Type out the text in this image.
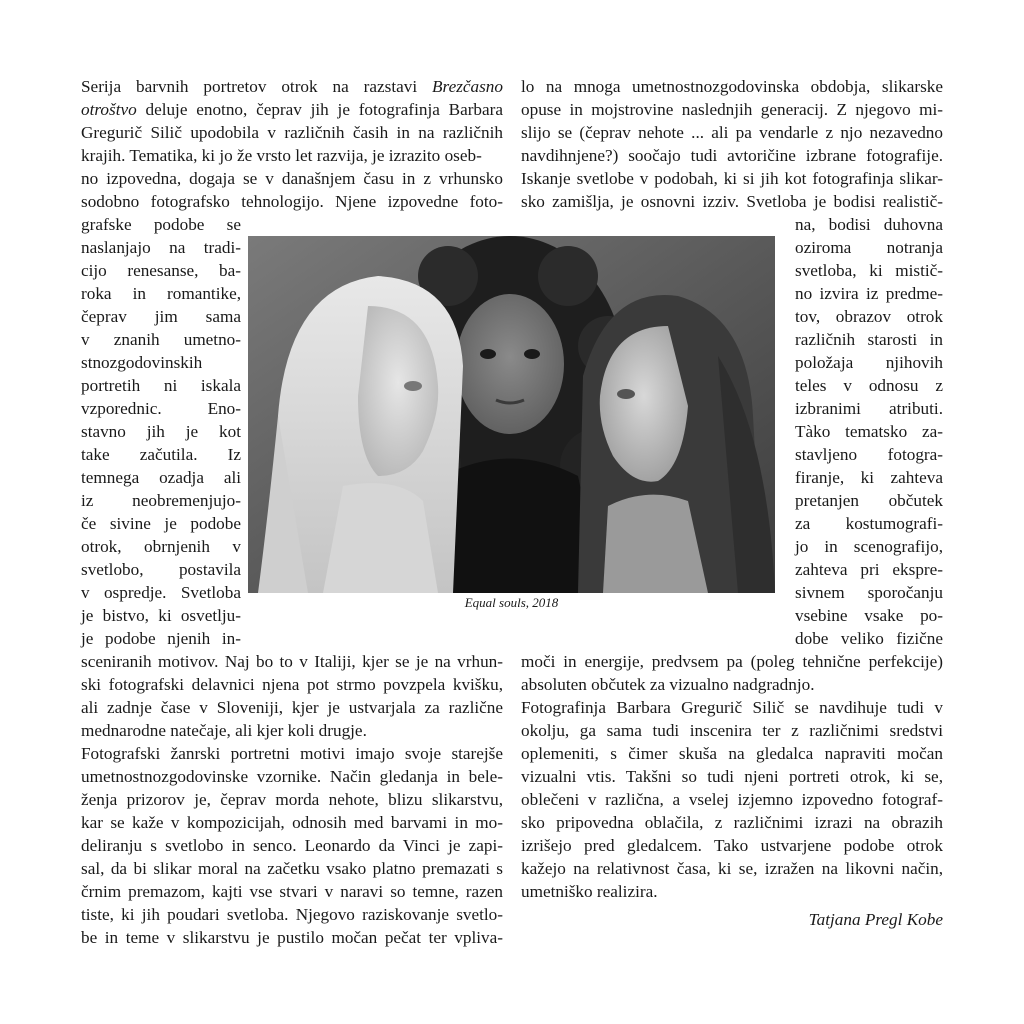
Serija barvnih portretov otrok na razstavi Brezčasno
otroštvo deluje enotno, čeprav jih je fotografinja Barbara
Gregurič Silič upodobila v različnih časih in na različnih
krajih. Tematika, ki jo že vrsto let razvija, je izrazito oseb-
no izpovedna, dogaja se v današnjem času in z vrhunsko
sodobno fotografsko tehnologijo. Njene izpovedne foto-
grafske podobe se
naslanjajo na tradi-
cijo renesanse, ba-
roka in romantike,
čeprav jim sama
v znanih umetno-
stnozgodovinskih
portretih ni iskala
vzporednic. Eno-
stavno jih je kot
take začutila. Iz
temnega ozadja ali
iz neobremenjujo-
če sivine je podobe
otrok, obrnjenih v
svetlobo, postavila
v ospredje. Svetloba
je bistvo, ki osvetlju-
je podobe njenih in-
sceniranih motivov. Naj bo to v Italiji, kjer se je na vrhun-
ski fotografski delavnici njena pot strmo povzpela kvišku,
ali zadnje čase v Sloveniji, kjer je ustvarjala za različne
mednarodne natečaje, ali kjer koli drugje.
Fotografski žanrski portretni motivi imajo svoje starejše
umetnostnozgodovinske vzornike. Način gledanja in bele-
ženja prizorov je, čeprav morda nehote, blizu slikarstvu,
kar se kaže v kompozicijah, odnosih med barvami in mo-
deliranju s svetlobo in senco. Leonardo da Vinci je zapi-
sal, da bi slikar moral na začetku vsako platno premazati s
črnim premazom, kajti vse stvari v naravi so temne, razen
tiste, ki jih poudari svetloba. Njegovo raziskovanje svetlo-
be in teme v slikarstvu je pustilo močan pečat ter vpliva-
lo na mnoga umetnostnozgodovinska obdobja, slikarske
opuse in mojstrovine naslednjih generacij. Z njegovo mi-
slijo se (čeprav nehote ... ali pa vendarle z njo nezavedno
navdihnjene?) soočajo tudi avtoričine izbrane fotografije.
Iskanje svetlobe v podobah, ki si jih kot fotografinja slikar-
sko zamišlja, je osnovni izziv. Svetloba je bodisi realistič-
na, bodisi duhovna
oziroma notranja
svetloba, ki mistič-
no izvira iz predme-
tov, obrazov otrok
različnih starosti in
položaja njihovih
teles v odnosu z
izbranimi atributi.
Tàko tematsko za-
stavljeno fotogra-
firanje, ki zahteva
pretanjen občutek
za kostumografi-
jo in scenografijo,
zahteva pri ekspre-
sivnem sporočanju
vsebine vsake po-
dobe veliko fizične
moči in energije, predvsem pa (poleg tehnične perfekcije)
absoluten občutek za vizualno nadgradnjo.
Fotografinja Barbara Gregurič Silič se navdihuje tudi v
okolju, ga sama tudi inscenira ter z različnimi sredstvi
oplemeniti, s čimer skuša na gledalca napraviti močan
vizualni vtis. Takšni so tudi njeni portreti otrok, ki se,
oblečeni v različna, a vselej izjemno izpovedno fotograf-
sko pripovedna oblačila, z različnimi izrazi na obrazih
izrišejo pred gledalcem. Tako ustvarjene podobe otrok
kažejo na relativnost časa, ki se, izražen na likovni način,
umetniško realizira.
Equal souls, 2018
Tatjana Pregl Kobe
